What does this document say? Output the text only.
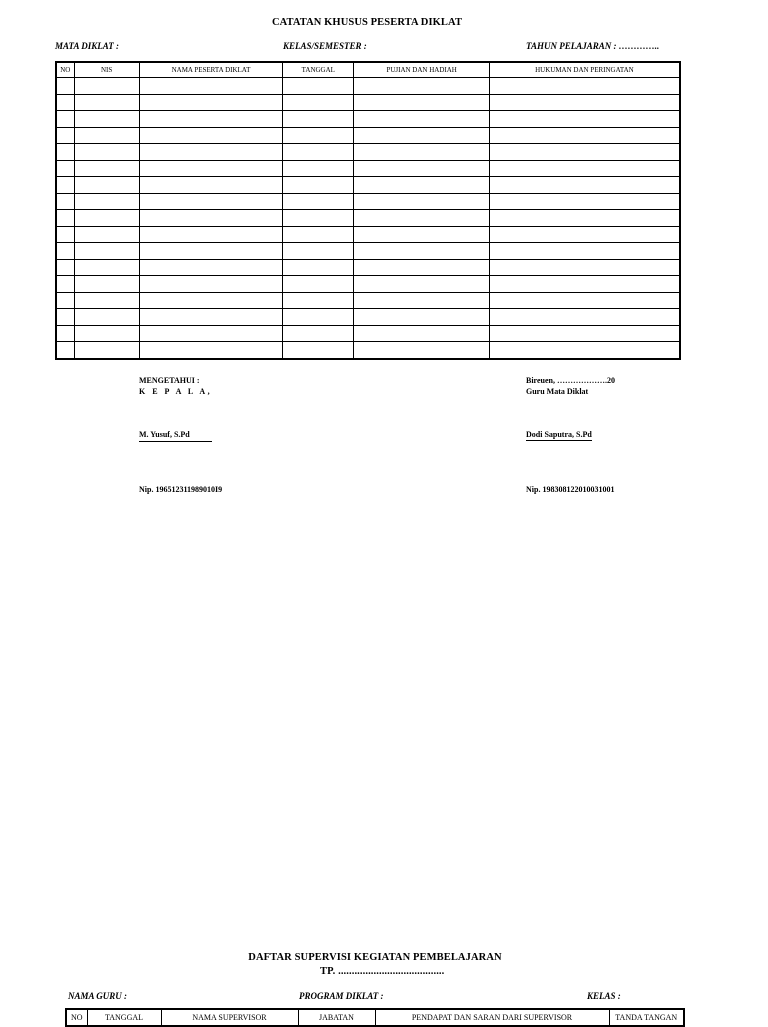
CATATAN KHUSUS PESERTA DIKLAT
MATA DIKLAT :	KELAS/SEMESTER :	TAHUN PELAJARAN : …………..
NO	NIS	NAMA PESERTA DIKLAT	TANGGAL	PUJIAN DAN HADIAH	HUKUMAN DAN PERINGATAN

MENGETAHUI :
K E P A L A,
M. Yusuf, S.Pd
Nip. 196512311989010I9
Bireuen, ……………….20
Guru Mata Diklat
Dodi Saputra, S.Pd
Nip. 198308122010031001
DAFTAR SUPERVISI KEGIATAN PEMBELAJARAN
TP. .......................................
NAMA GURU :	PROGRAM DIKLAT :	KELAS :
NO	TANGGAL	NAMA SUPERVISOR	JABATAN	PENDAPAT DAN SARAN DARI SUPERVISOR	TANDA TANGAN
